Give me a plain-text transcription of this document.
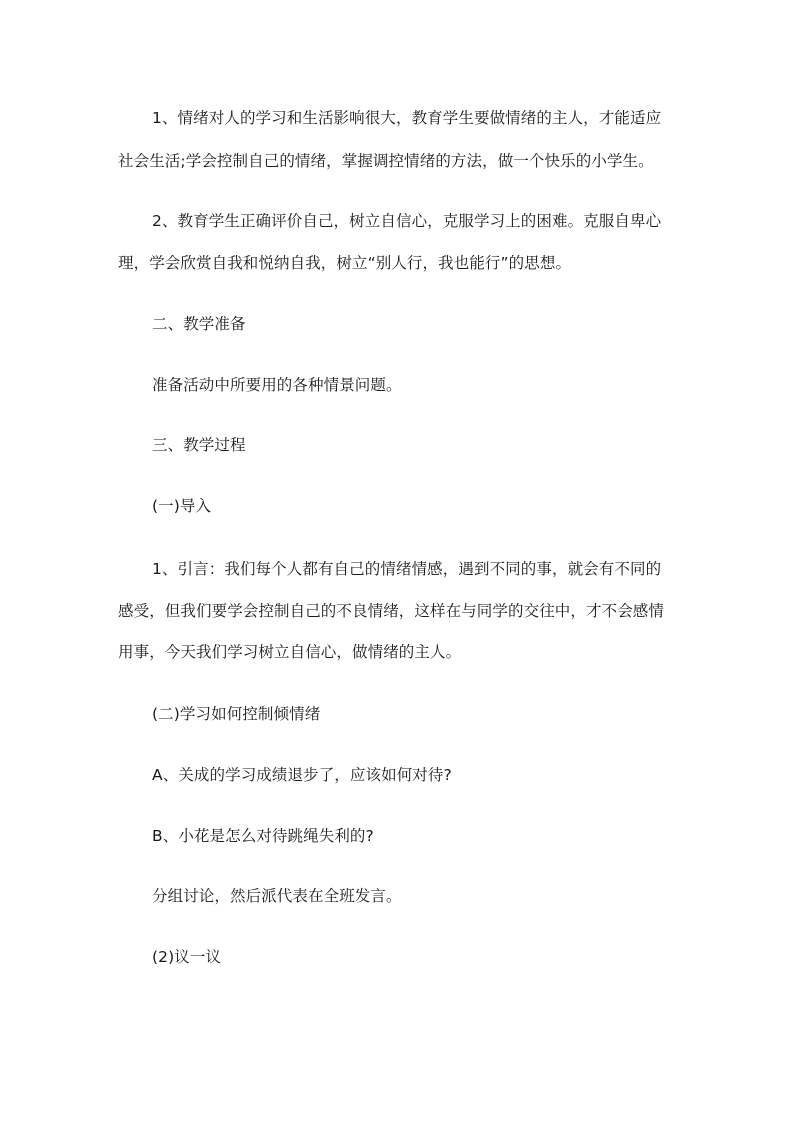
1、情绪对人的学习和生活影响很大，教育学生要做情绪的主人，才能适应
社会生活;学会控制自己的情绪，掌握调控情绪的方法，做一个快乐的小学生。
2、教育学生正确评价自己，树立自信心，克服学习上的困难。克服自卑心
理，学会欣赏自我和悦纳自我，树立“别人行，我也能行”的思想。
二、教学准备
准备活动中所要用的各种情景问题。
三、教学过程
(一)导入
1、引言：我们每个人都有自己的情绪情感，遇到不同的事，就会有不同的
感受，但我们要学会控制自己的不良情绪，这样在与同学的交往中，才不会感情
用事，今天我们学习树立自信心，做情绪的主人。
(二)学习如何控制倾情绪
A、关成的学习成绩退步了，应该如何对待?
B、小花是怎么对待跳绳失利的?
分组讨论，然后派代表在全班发言。
(2)议一议
